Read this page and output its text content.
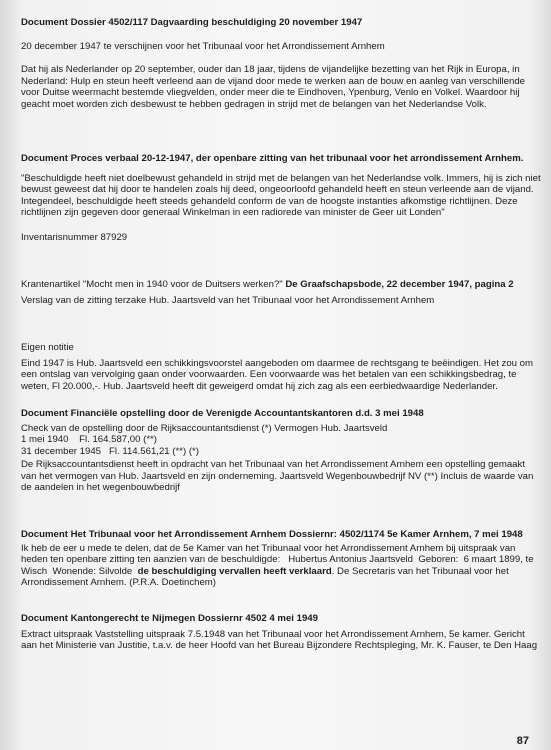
Document Dossier 4502/117 Dagvaarding beschuldiging 20 november 1947

20 december 1947 te verschijnen voor het Tribunaal voor het Arrondissement Arnhem

Dat hij als Nederlander op 20 september, ouder dan 18 jaar, tijdens de vijandelijke bezetting van het Rijk in Europa, in Nederland: Hulp en steun heeft verleend aan de vijand door mede te werken aan de bouw en aanleg van verschillende voor Duitse weermacht bestemde vliegvelden, onder meer die te Eindhoven, Ypenburg, Venlo en Volkel. Waardoor hij geacht moet worden zich desbewust te hebben gedragen in strijd met de belangen van het Nederlandse Volk.

Document Proces verbaal 20-12-1947, der openbare zitting van het tribunaal voor het arrondissement Arnhem.

"Beschuldigde heeft niet doelbewust gehandeld in strijd met de belangen van het Nederlandse volk. Immers, hij is zich niet bewust geweest dat hij door te handelen zoals hij deed, ongeoorloofd gehandeld heeft en steun verleende aan de vijand. Integendeel, beschuldigde heeft steeds gehandeld conform de van de hoogste instanties afkomstige richtlijnen. Deze richtlijnen zijn gegeven door generaal Winkelman in een radiorede van minister de Geer uit Londen"

Inventarisnummer 87929

Krantenartikel "Mocht men in 1940 voor de Duitsers werken?" De Graafschapsbode, 22 december 1947, pagina 2

Verslag van de zitting terzake Hub. Jaartsveld van het Tribunaal voor het Arrondissement Arnhem

Eigen notitie

Eind 1947 is Hub. Jaartsveld een schikkingsvoorstel aangeboden om daarmee de rechtsgang te beëindigen. Het zou om een ontslag van vervolging gaan onder voorwaarden. Een voorwaarde was het betalen van een schikkingsbedrag, te weten, Fl 20.000,-. Hub. Jaartsveld heeft dit geweigerd omdat hij zich zag als een eerbiedwaardige Nederlander.

Document Financiële opstelling door de Verenigde Accountantskantoren d.d. 3 mei 1948

Check van de opstelling door de Rijksaccountantsdienst (*) Vermogen Hub. Jaartsveld

1 mei 1940    Fl. 164.587,00 (**)

31 december 1945   Fl. 114.561,21 (**) (*)

De Rijksaccountantsdienst heeft in opdracht van het Tribunaal van het Arrondissement Arnhem een opstelling gemaakt van het vermogen van Hub. Jaartsveld en zijn onderneming. Jaartsveld Wegenbouwbedrijf NV (**) Incluis de waarde van de aandelen in het wegenbouwbedrijf

Document Het Tribunaal voor het Arrondissement Arnhem Dossiernr: 4502/1174 5e Kamer Arnhem, 7 mei 1948

Ik heb de eer u mede te delen, dat de 5e Kamer van het Tribunaal voor het Arrondissement Arnhem bij uitspraak van heden ten openbare zitting ten aanzien van de beschuldigde:   Hubertus Antonius Jaartsveld  Geboren:  6 maart 1899, te Wisch  Wonende: Silvolde  de beschuldiging vervallen heeft verklaard. De Secretaris van het Tribunaal voor het Arrondissement Arnhem. (P.R.A. Doetinchem)

Document Kantongerecht te Nijmegen Dossiernr 4502 4 mei 1949

Extract uitspraak Vaststelling uitspraak 7.5.1948 van het Tribunaal voor het Arrondissement Arnhem, 5e kamer. Gericht aan het Ministerie van Justitie, t.a.v. de heer Hoofd van het Bureau Bijzondere Rechtspleging, Mr. K. Fauser, te Den Haag

87
